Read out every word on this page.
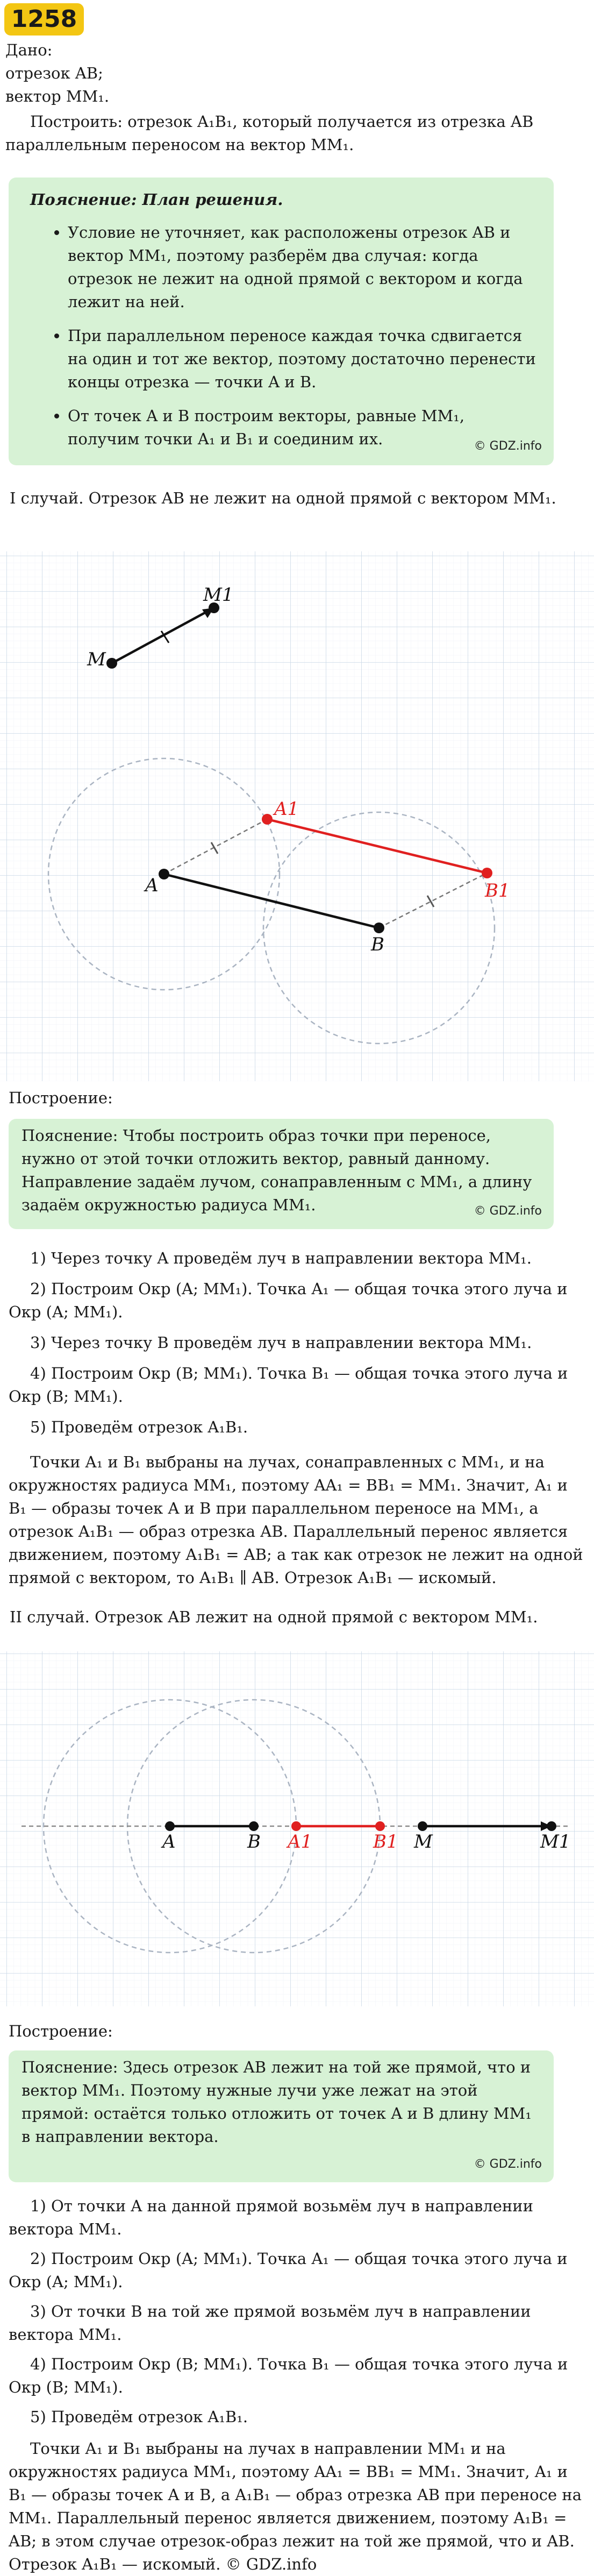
1258
Дано:
отрезок AB;
вектор MM₁.
Построить: отрезок A₁B₁, который получается из отрезка AB параллельным переносом на вектор MM₁.
Пояснение: План решения.
• Условие не уточняет, как расположены отрезок AB и вектор MM₁, поэтому разберём два случая: когда отрезок не лежит на одной прямой с вектором и когда лежит на ней.
• При параллельном переносе каждая точка сдвигается на один и тот же вектор, поэтому достаточно перенести концы отрезка — точки A и B.
• От точек A и B построим векторы, равные MM₁, получим точки A₁ и B₁ и соединим их.	© GDZ.info
I случай. Отрезок AB не лежит на одной прямой с вектором MM₁.
M
M1
A
B
A1
B1
Построение:
Пояснение: Чтобы построить образ точки при переносе, нужно от этой точки отложить вектор, равный данному. Направление задаём лучом, сонаправленным с MM₁, а длину задаём окружностью радиуса MM₁.	© GDZ.info
1) Через точку A проведём луч в направлении вектора MM₁.
2) Построим Окр (A; MM₁). Точка A₁ — общая точка этого луча и Окр (A; MM₁).
3) Через точку B проведём луч в направлении вектора MM₁.
4) Построим Окр (B; MM₁). Точка B₁ — общая точка этого луча и Окр (B; MM₁).
5) Проведём отрезок A₁B₁.
Точки A₁ и B₁ выбраны на лучах, сонаправленных с MM₁, и на окружностях радиуса MM₁, поэтому AA₁ = BB₁ = MM₁. Значит, A₁ и B₁ — образы точек A и B при параллельном переносе на MM₁, а отрезок A₁B₁ — образ отрезка AB. Параллельный перенос является движением, поэтому A₁B₁ = AB; а так как отрезок не лежит на одной прямой с вектором, то A₁B₁ ∥ AB. Отрезок A₁B₁ — искомый.
II случай. Отрезок AB лежит на одной прямой с вектором MM₁.
A	B A1	B1 M	M1
Построение:
Пояснение: Здесь отрезок AB лежит на той же прямой, что и вектор MM₁. Поэтому нужные лучи уже лежат на этой прямой: остаётся только отложить от точек A и B длину MM₁ в направлении вектора.
© GDZ.info
1) От точки A на данной прямой возьмём луч в направлении вектора MM₁.
2) Построим Окр (A; MM₁). Точка A₁ — общая точка этого луча и Окр (A; MM₁).
3) От точки B на той же прямой возьмём луч в направлении вектора MM₁.
4) Построим Окр (B; MM₁). Точка B₁ — общая точка этого луча и Окр (B; MM₁).
5) Проведём отрезок A₁B₁.
Точки A₁ и B₁ выбраны на лучах в направлении MM₁ и на окружностях радиуса MM₁, поэтому AA₁ = BB₁ = MM₁. Значит, A₁ и B₁ — образы точек A и B, а A₁B₁ — образ отрезка AB при переносе на MM₁. Параллельный перенос является движением, поэтому A₁B₁ = AB; в этом случае отрезок-образ лежит на той же прямой, что и AB. Отрезок A₁B₁ — искомый. © GDZ.info
